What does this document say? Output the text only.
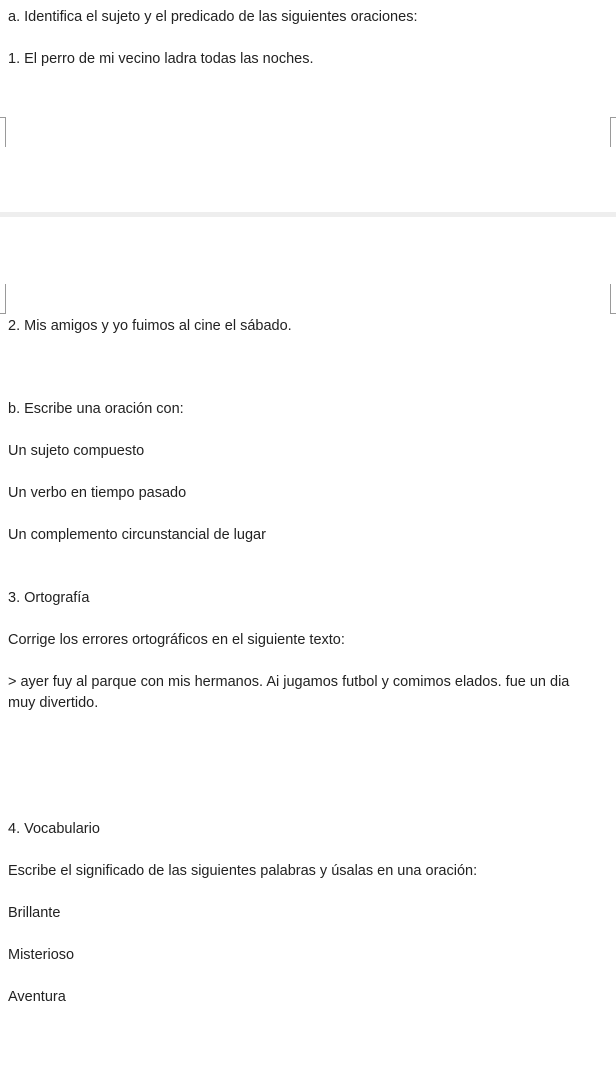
a. Identifica el sujeto y el predicado de las siguientes oraciones:
1. El perro de mi vecino ladra todas las noches.
2. Mis amigos y yo fuimos al cine el sábado.
b. Escribe una oración con:
Un sujeto compuesto
Un verbo en tiempo pasado
Un complemento circunstancial de lugar
3. Ortografía
Corrige los errores ortográficos en el siguiente texto:
> ayer fuy al parque con mis hermanos. Ai jugamos futbol y comimos elados. fue un dia muy divertido.
4. Vocabulario
Escribe el significado de las siguientes palabras y úsalas en una oración:
Brillante
Misterioso
Aventura
